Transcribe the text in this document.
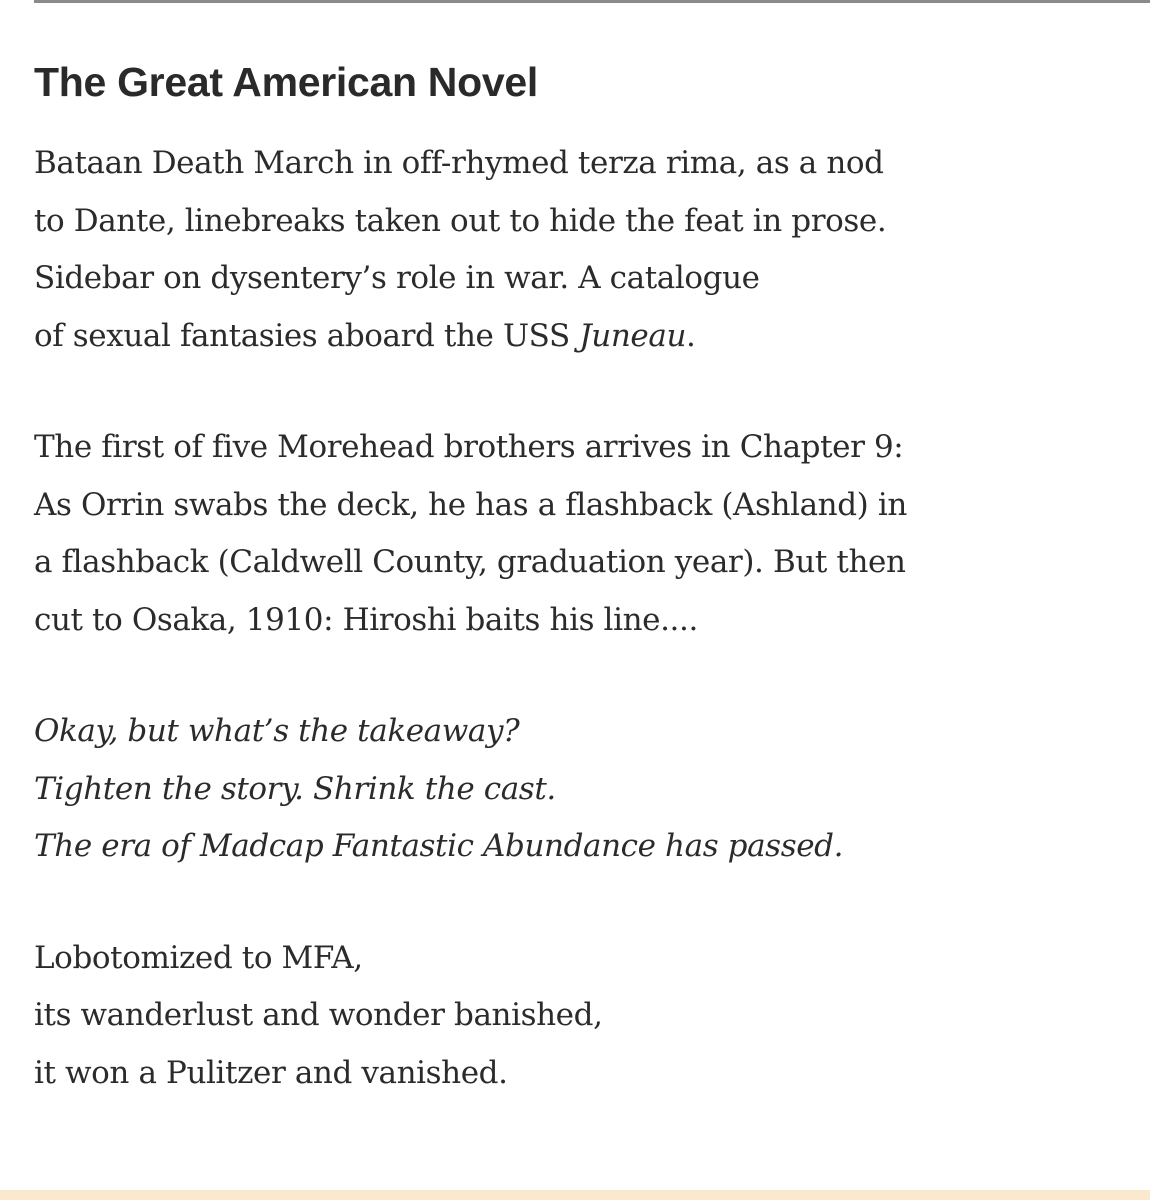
The Great American Novel
Bataan Death March in off-rhymed terza rima, as a nod
to Dante, linebreaks taken out to hide the feat in prose.
Sidebar on dysentery’s role in war. A catalogue
of sexual fantasies aboard the USS Juneau.
The first of five Morehead brothers arrives in Chapter 9:
As Orrin swabs the deck, he has a flashback (Ashland) in
a flashback (Caldwell County, graduation year). But then
cut to Osaka, 1910: Hiroshi baits his line....
Okay, but what’s the takeaway?
Tighten the story. Shrink the cast.
The era of Madcap Fantastic Abundance has passed.
Lobotomized to MFA,
its wanderlust and wonder banished,
it won a Pulitzer and vanished.
